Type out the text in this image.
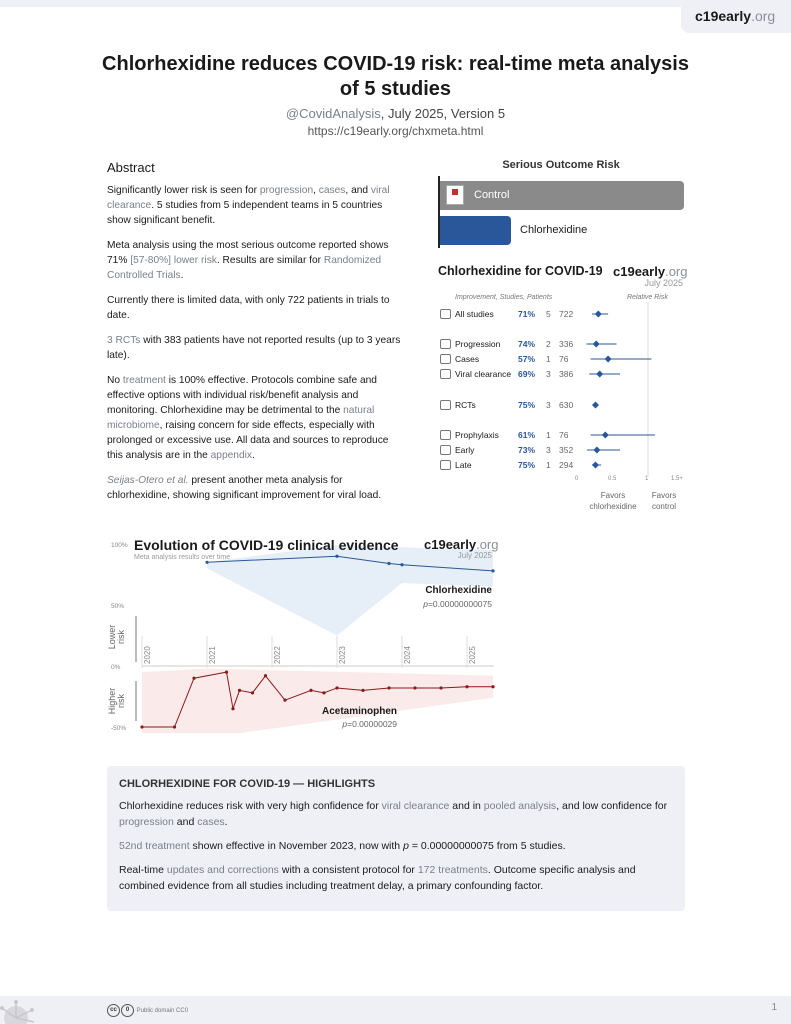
c19early.org
Chlorhexidine reduces COVID-19 risk: real-time meta analysis of 5 studies
@CovidAnalysis, July 2025, Version 5
https://c19early.org/chxmeta.html
Abstract

Significantly lower risk is seen for progression, cases, and viral clearance. 5 studies from 5 independent teams in 5 countries show significant benefit.

Meta analysis using the most serious outcome reported shows 71% [57‑80%] lower risk. Results are similar for Randomized Controlled Trials.

Currently there is limited data, with only 722 patients in trials to date.

3 RCTs with 383 patients have not reported results (up to 3 years late).

No treatment is 100% effective. Protocols combine safe and effective options with individual risk/benefit analysis and monitoring. Chlorhexidine may be detrimental to the natural microbiome, raising concern for side effects, especially with prolonged or excessive use. All data and sources to reproduce this analysis are in the appendix.

Seijas‑Otero et al. present another meta analysis for chlorhexidine, showing significant improvement for viral load.

Serious Outcome Risk
Control
Chlorhexidine
Chlorhexidine for COVID-19 c19early.org
July 2025
Improvement, Studies, Patients	Relative Risk
All studies	71% 5 722
Progression 74% 2 336
Cases	57% 1 76
Viral clearance 69% 3 386
RCTs	75% 3 630
Prophylaxis 61% 1 76
Early	73% 3 352
Late	75% 1 294
0	0.5	1	1.5+
Favors
chlorhexidine
Favors
control
2020	2021	2022	2023	2024	2025
Evolution of COVID-19 clinical evidence
Meta analysis results over time
c19early.org
July 2025
100%
50%
0%
-50%
Lower
risk
Higher
risk
Chlorhexidine
p=0.00000000075
Acetaminophen
p=0.00000029
CHLORHEXIDINE FOR COVID‑19 — HIGHLIGHTS

Chlorhexidine reduces risk with very high confidence for viral clearance and in pooled analysis, and low confidence for progression and cases.

52nd treatment shown effective in November 2023, now with p = 0.00000000075 from 5 studies.

Real‑time updates and corrections with a consistent protocol for 172 treatments. Outcome specific analysis and combined evidence from all studies including treatment delay, a primary confounding factor.

cc 0 Public domain CC0	1
